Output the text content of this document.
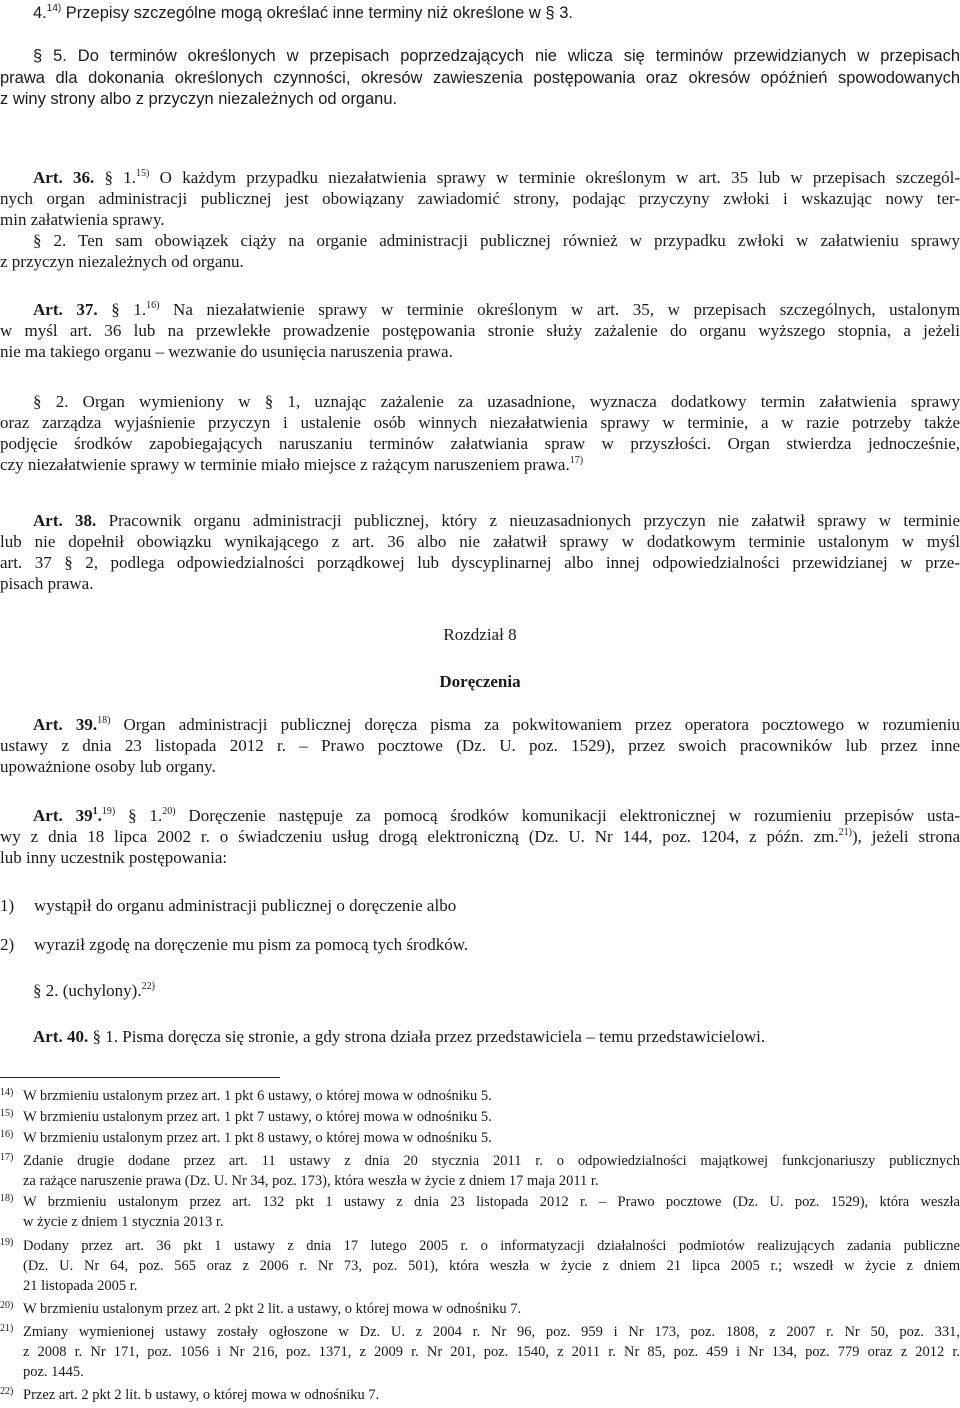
4.$^{14)}$ Przepisy szczególne mogą określać inne terminy niż określone w § 3.
§ 5. Do terminów określonych w przepisach poprzedzających nie wlicza się terminów przewidzianych w przepisach
prawa dla dokonania określonych czynności, okresów zawieszenia postępowania oraz okresów opóźnień spowodowanych
z winy strony albo z przyczyn niezależnych od organu.
Art. 36. § 1.$^{15)}$ O każdym przypadku niezałatwienia sprawy w terminie określonym w art. 35 lub w przepisach szczegól-
nych organ administracji publicznej jest obowiązany zawiadomić strony, podając przyczyny zwłoki i wskazując nowy ter-
min załatwienia sprawy.
§ 2. Ten sam obowiązek ciąży na organie administracji publicznej również w przypadku zwłoki w załatwieniu sprawy
z przyczyn niezależnych od organu.
Art. 37. § 1.$^{16)}$ Na niezałatwienie sprawy w terminie określonym w art. 35, w przepisach szczególnych, ustalonym
w myśl art. 36 lub na przewlekłe prowadzenie postępowania stronie służy zażalenie do organu wyższego stopnia, a jeżeli
nie ma takiego organu – wezwanie do usunięcia naruszenia prawa.
§ 2. Organ wymieniony w § 1, uznając zażalenie za uzasadnione, wyznacza dodatkowy termin załatwienia sprawy
oraz zarządza wyjaśnienie przyczyn i ustalenie osób winnych niezałatwienia sprawy w terminie, a w razie potrzeby także
podjęcie środków zapobiegających naruszaniu terminów załatwiania spraw w przyszłości. Organ stwierdza jednocześnie,
czy niezałatwienie sprawy w terminie miało miejsce z rażącym naruszeniem prawa.$^{17)}$
Art. 38. Pracownik organu administracji publicznej, który z nieuzasadnionych przyczyn nie załatwił sprawy w terminie
lub nie dopełnił obowiązku wynikającego z art. 36 albo nie załatwił sprawy w dodatkowym terminie ustalonym w myśl
art. 37 § 2, podlega odpowiedzialności porządkowej lub dyscyplinarnej albo innej odpowiedzialności przewidzianej w prze-
pisach prawa.
Rozdział 8
Doręczenia
Art. 39.$^{18)}$ Organ administracji publicznej doręcza pisma za pokwitowaniem przez operatora pocztowego w rozumieniu
ustawy z dnia 23 listopada 2012 r. – Prawo pocztowe (Dz. U. poz. 1529), przez swoich pracowników lub przez inne
upoważnione osoby lub organy.
Art. $39^1.^{19)}$ § 1.$^{20)}$ Doręczenie następuje za pomocą środków komunikacji elektronicznej w rozumieniu przepisów usta-
wy z dnia 18 lipca 2002 r. o świadczeniu usług drogą elektroniczną (Dz. U. Nr 144, poz. 1204, z późn. zm.$^{21)}$), jeżeli strona
lub inny uczestnik postępowania:
1) wystąpił do organu administracji publicznej o doręczenie albo
2) wyraził zgodę na doręczenie mu pism za pomocą tych środków.
§ 2. (uchylony).$^{22)}$
Art. 40. § 1. Pisma doręcza się stronie, a gdy strona działa przez przedstawiciela – temu przedstawicielowi.
14) W brzmieniu ustalonym przez art. 1 pkt 6 ustawy, o której mowa w odnośniku 5.
15) W brzmieniu ustalonym przez art. 1 pkt 7 ustawy, o której mowa w odnośniku 5.
16) W brzmieniu ustalonym przez art. 1 pkt 8 ustawy, o której mowa w odnośniku 5.
17) Zdanie drugie dodane przez art. 11 ustawy z dnia 20 stycznia 2011 r. o odpowiedzialności majątkowej funkcjonariuszy publicznych
za rażące naruszenie prawa (Dz. U. Nr 34, poz. 173), która weszła w życie z dniem 17 maja 2011 r.
18) W brzmieniu ustalonym przez art. 132 pkt 1 ustawy z dnia 23 listopada 2012 r. – Prawo pocztowe (Dz. U. poz. 1529), która weszła
w życie z dniem 1 stycznia 2013 r.
19) Dodany przez art. 36 pkt 1 ustawy z dnia 17 lutego 2005 r. o informatyzacji działalności podmiotów realizujących zadania publiczne
(Dz. U. Nr 64, poz. 565 oraz z 2006 r. Nr 73, poz. 501), która weszła w życie z dniem 21 lipca 2005 r.; wszedł w życie z dniem
21 listopada 2005 r.
20) W brzmieniu ustalonym przez art. 2 pkt 2 lit. a ustawy, o której mowa w odnośniku 7.
21) Zmiany wymienionej ustawy zostały ogłoszone w Dz. U. z 2004 r. Nr 96, poz. 959 i Nr 173, poz. 1808, z 2007 r. Nr 50, poz. 331,
z 2008 r. Nr 171, poz. 1056 i Nr 216, poz. 1371, z 2009 r. Nr 201, poz. 1540, z 2011 r. Nr 85, poz. 459 i Nr 134, poz. 779 oraz z 2012 r.
poz. 1445.
22) Przez art. 2 pkt 2 lit. b ustawy, o której mowa w odnośniku 7.
